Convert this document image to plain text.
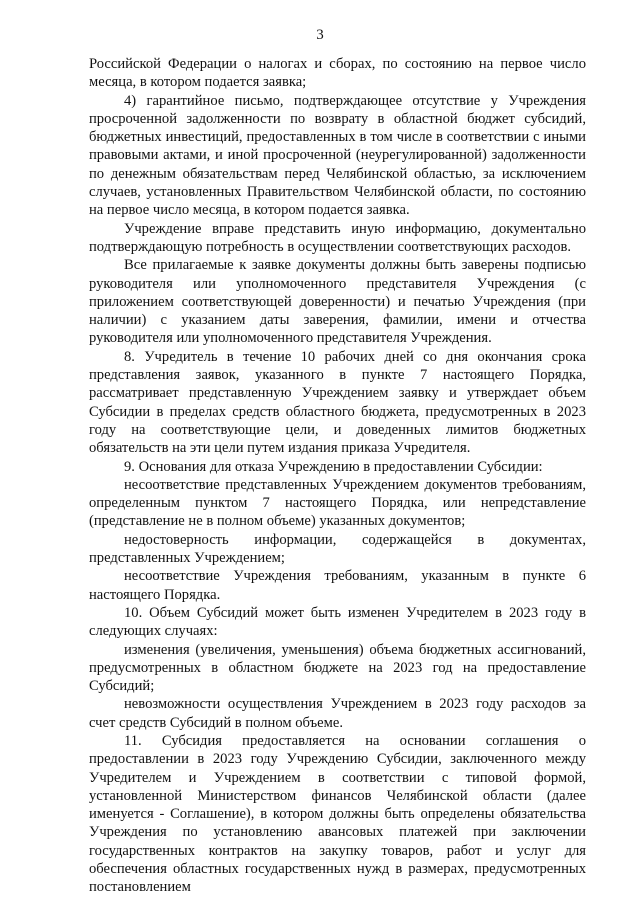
3

Российской Федерации о налогах и сборах, по состоянию на первое число месяца, в котором подается заявка;

4) гарантийное письмо, подтверждающее отсутствие у Учреждения просроченной задолженности по возврату в областной бюджет субсидий, бюджетных инвестиций, предоставленных в том числе в соответствии с иными правовыми актами, и иной просроченной (неурегулированной) задолженности по денежным обязательствам перед Челябинской областью, за исключением случаев, установленных Правительством Челябинской области, по состоянию на первое число месяца, в котором подается заявка.

Учреждение вправе представить иную информацию, документально подтверждающую потребность в осуществлении соответствующих расходов.

Все прилагаемые к заявке документы должны быть заверены подписью руководителя или уполномоченного представителя Учреждения (с приложением соответствующей доверенности) и печатью Учреждения (при наличии) с указанием даты заверения, фамилии, имени и отчества руководителя или уполномоченного представителя Учреждения.

8. Учредитель в течение 10 рабочих дней со дня окончания срока представления заявок, указанного в пункте 7 настоящего Порядка, рассматривает представленную Учреждением заявку и утверждает объем Субсидии в пределах средств областного бюджета, предусмотренных в 2023 году на соответствующие цели, и доведенных лимитов бюджетных обязательств на эти цели путем издания приказа Учредителя.

9. Основания для отказа Учреждению в предоставлении Субсидии:

несоответствие представленных Учреждением документов требованиям, определенным пунктом 7 настоящего Порядка, или непредставление (представление не в полном объеме) указанных документов;

недостоверность информации, содержащейся в документах, представленных Учреждением;

несоответствие Учреждения требованиям, указанным в пункте 6 настоящего Порядка.

10. Объем Субсидий может быть изменен Учредителем в 2023 году в следующих случаях:

изменения (увеличения, уменьшения) объема бюджетных ассигнований, предусмотренных в областном бюджете на 2023 год на предоставление Субсидий;

невозможности осуществления Учреждением в 2023 году расходов за счет средств Субсидий в полном объеме.

11. Субсидия предоставляется на основании соглашения о предоставлении в 2023 году Учреждению Субсидии, заключенного между Учредителем и Учреждением в соответствии с типовой формой, установленной Министерством финансов Челябинской области (далее именуется - Соглашение), в котором должны быть определены обязательства Учреждения по установлению авансовых платежей при заключении государственных контрактов на закупку товаров, работ и услуг для обеспечения областных государственных нужд в размерах, предусмотренных постановлением
